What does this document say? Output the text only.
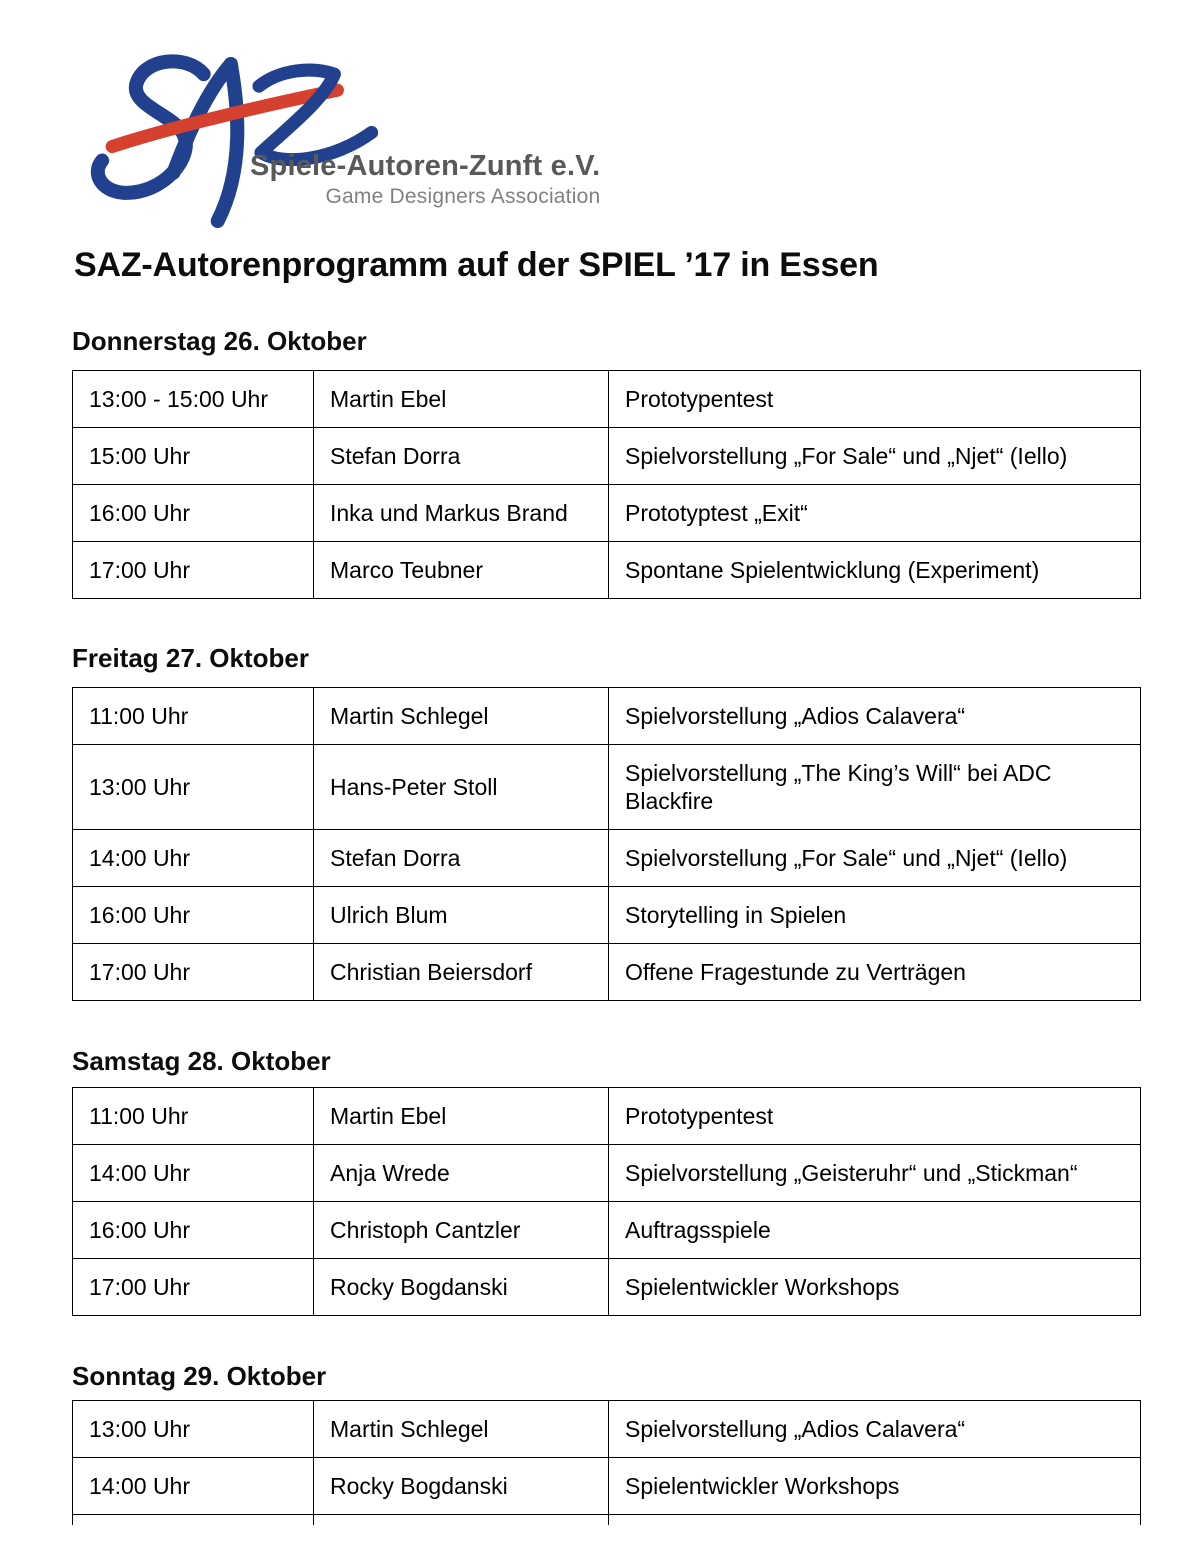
Spiele-Autoren-Zunft e.V.
Game Designers Association
SAZ-Autorenprogramm auf der SPIEL ’17 in Essen
Donnerstag 26. Oktober
13:00 - 15:00 Uhr	Martin Ebel	Prototypentest
15:00 Uhr	Stefan Dorra	Spielvorstellung „For Sale“ und „Njet“ (Iello)
16:00 Uhr	Inka und Markus Brand	Prototyptest „Exit“
17:00 Uhr	Marco Teubner	Spontane Spielentwicklung (Experiment)
Freitag 27. Oktober
11:00 Uhr	Martin Schlegel	Spielvorstellung „Adios Calavera“
13:00 Uhr	Hans-Peter Stoll	Spielvorstellung „The King’s Will“ bei ADC Blackfire
14:00 Uhr	Stefan Dorra	Spielvorstellung „For Sale“ und „Njet“ (Iello)
16:00 Uhr	Ulrich Blum	Storytelling in Spielen
17:00 Uhr	Christian Beiersdorf	Offene Fragestunde zu Verträgen
Samstag 28. Oktober
11:00 Uhr	Martin Ebel	Prototypentest
14:00 Uhr	Anja Wrede	Spielvorstellung „Geisteruhr“ und „Stickman“
16:00 Uhr	Christoph Cantzler	Auftragsspiele
17:00 Uhr	Rocky Bogdanski	Spielentwickler Workshops
Sonntag 29. Oktober
13:00 Uhr	Martin Schlegel	Spielvorstellung „Adios Calavera“
14:00 Uhr	Rocky Bogdanski	Spielentwickler Workshops
